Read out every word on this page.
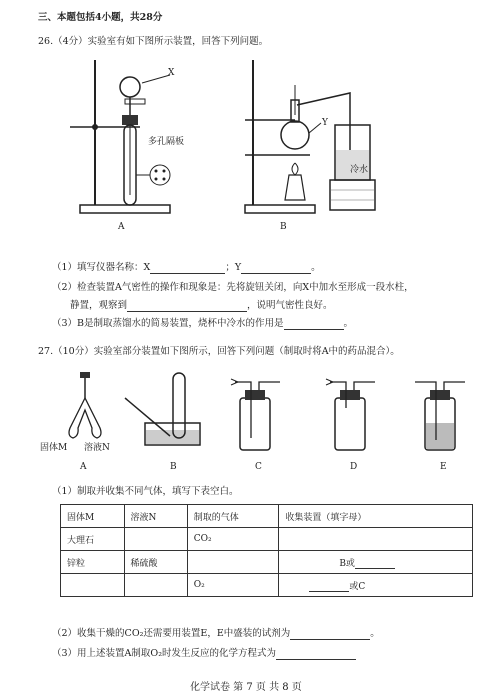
三、本题包括4小题，共28分
26.（4分）实验室有如下图所示装置，回答下列问题。
X
多孔隔板
A
Y
冷水
B
（1）填写仪器名称：X	；Y	。
（2）检查装置A气密性的操作和现象是：先将旋钮关闭，向X中加水至形成一段水柱，
静置，观察到	，说明气密性良好。
（3）B是制取蒸馏水的简易装置，烧杯中冷水的作用是	。
27.（10分）实验室部分装置如下图所示，回答下列问题（制取时将A中的药品混合）。
固体M 溶液N
A	B	C	D	E
（1）制取并收集不同气体，填写下表空白。
固体M	溶液N	制取的气体	收集装置（填字母）
大理石		CO₂	
锌粒	稀硫酸		B或
		O₂	或C
（2）收集干燥的CO₂还需要用装置E，E中盛装的试剂为	。
（3）用上述装置A制取O₂时发生反应的化学方程式为
化学试卷 第 7 页 共 8 页
